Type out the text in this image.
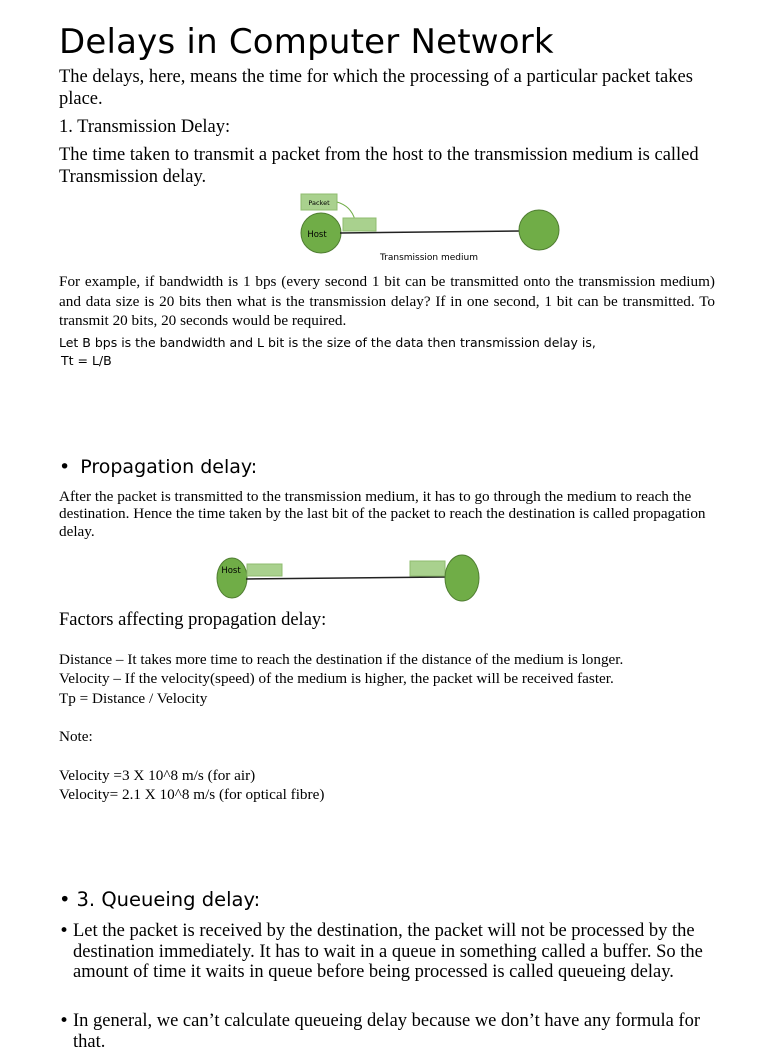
Delays in Computer Network

The delays, here, means the time for which the processing of a particular packet takes place.

1. Transmission Delay:

The time taken to transmit a packet from the host to the transmission medium is called Transmission delay.

Packet
Host
Transmission medium

For example, if bandwidth is 1 bps (every second 1 bit can be transmitted onto the transmission medium) and data size is 20 bits then what is the transmission delay? If in one second, 1 bit can be transmitted. To transmit 20 bits, 20 seconds would be required.

Let B bps is the bandwidth and L bit is the size of the data then transmission delay is,

Tt = L/B

• Propagation delay:

After the packet is transmitted to the transmission medium, it has to go through the medium to reach the destination. Hence the time taken by the last bit of the packet to reach the destination is called propagation delay.

Host

Factors affecting propagation delay:

Distance – It takes more time to reach the destination if the distance of the medium is longer.

Velocity – If the velocity(speed) of the medium is higher, the packet will be received faster.

Tp = Distance / Velocity

Note:

Velocity =3 X 10^8 m/s (for air)

Velocity= 2.1 X 10^8 m/s (for optical fibre)

• 3. Queueing delay:
• Let the packet is received by the destination, the packet will not be processed by the destination immediately. It has to wait in a queue in something called a buffer. So the amount of time it waits in queue before being processed is called queueing delay.
• In general, we can’t calculate queueing delay because we don’t have any formula for that.
